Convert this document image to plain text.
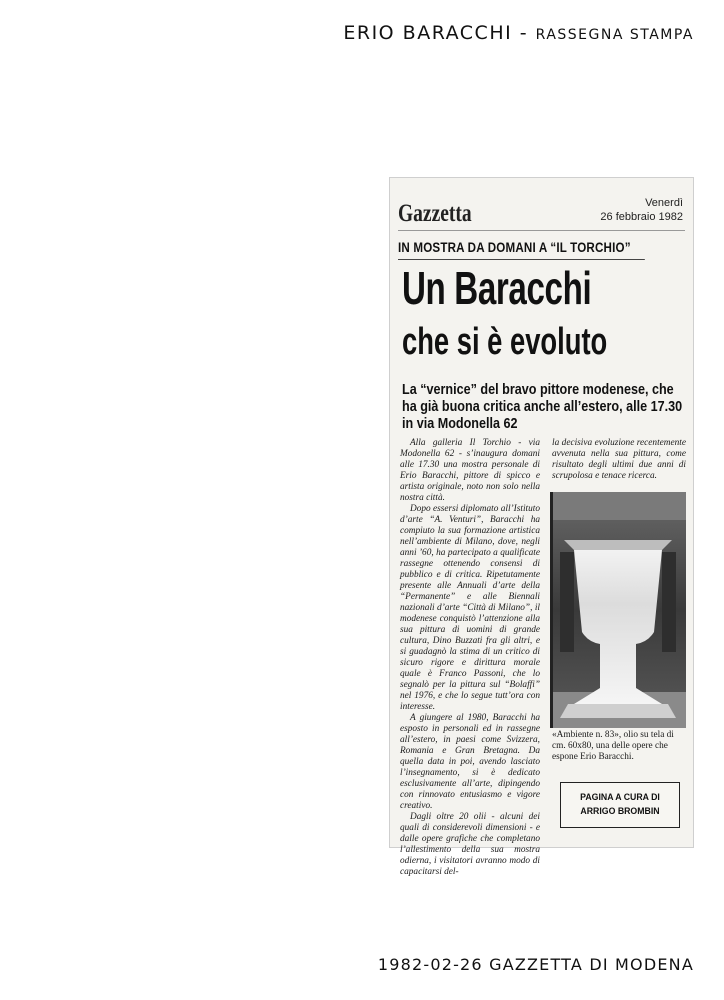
ERIO BARACCHI - RASSEGNA STAMPA
Gazzetta	Venerdì
26 febbraio 1982
IN MOSTRA DA DOMANI A “IL TORCHIO”
Un Baracchi
che si è evoluto
La “vernice” del bravo pittore modenese, che ha già buona critica anche all’estero, alle 17.30 in via Modonella 62

Alla galleria Il Torchio - via Modonella 62 - s’inaugura domani alle 17.30 una mostra personale di Erio Baracchi, pittore di spicco e artista originale, noto non solo nella nostra città.

Dopo essersi diplomato all’Istituto d’arte “A. Venturi”, Baracchi ha compiuto la sua formazione artistica nell’ambiente di Milano, dove, negli anni ’60, ha partecipato a qualificate rassegne ottenendo consensi di pubblico e di critica. Ripetutamente presente alle Annuali d’arte della “Permanente” e alle Biennali nazionali d’arte “Città di Milano”, il modenese conquistò l’attenzione alla sua pittura di uomini di grande cultura, Dino Buzzati fra gli altri, e si guadagnò la stima di un critico di sicuro rigore e dirittura morale quale è Franco Passoni, che lo segnalò per la pittura sul “Bolaffi” nel 1976, e che lo segue tutt’ora con interesse.

A giungere al 1980, Baracchi ha esposto in personali ed in rassegne all’estero, in paesi come Svizzera, Romania e Gran Bretagna. Da quella data in poi, avendo lasciato l’insegnamento, si è dedicato esclusivamente all’arte, dipingendo con rinnovato entusiasmo e vigore creativo.

Dagli oltre 20 olii - alcuni dei quali di considerevoli dimensioni - e dalle opere grafiche che completano l’allestimento della sua mostra odierna, i visitatori avranno modo di capacitarsi del-

la decisiva evoluzione recentemente avvenuta nella sua pittura, come risultato degli ultimi due anni di scrupolosa e tenace ricerca.

«Ambiente n. 83», olio su tela di cm. 60x80, una delle opere che espone Erio Baracchi.
PAGINA A CURA DI
ARRIGO BROMBIN
1982-02-26 GAZZETTA DI MODENA
